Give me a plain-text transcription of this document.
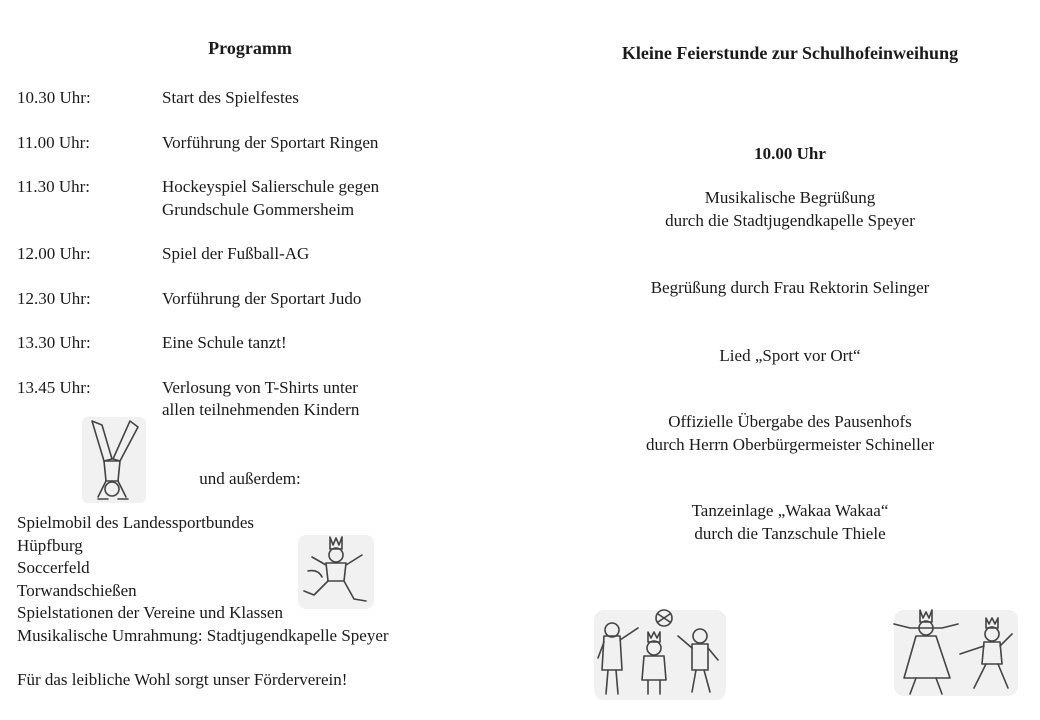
Programm
10.30 Uhr:	Start des Spielfestes
11.00 Uhr:	Vorführung der Sportart Ringen
11.30 Uhr:	Hockeyspiel Salierschule gegen
Grundschule Gommersheim
12.00 Uhr:	Spiel der Fußball-AG
12.30 Uhr:	Vorführung der Sportart Judo
13.30 Uhr:	Eine Schule tanzt!
13.45 Uhr:	Verlosung von T-Shirts unter
allen teilnehmenden Kindern
und außerdem:
Spielmobil des Landessportbundes
Hüpfburg
Soccerfeld
Torwandschießen
Spielstationen der Vereine und Klassen
Musikalische Umrahmung: Stadtjugendkapelle Speyer
Für das leibliche Wohl sorgt unser Förderverein!
Kleine Feierstunde zur Schulhofeinweihung
10.00 Uhr
Musikalische Begrüßung
durch die Stadtjugendkapelle Speyer
Begrüßung durch Frau Rektorin Selinger
Lied „Sport vor Ort“
Offizielle Übergabe des Pausenhofs
durch Herrn Oberbürgermeister Schineller
Tanzeinlage „Wakaa Wakaa“
durch die Tanzschule Thiele
